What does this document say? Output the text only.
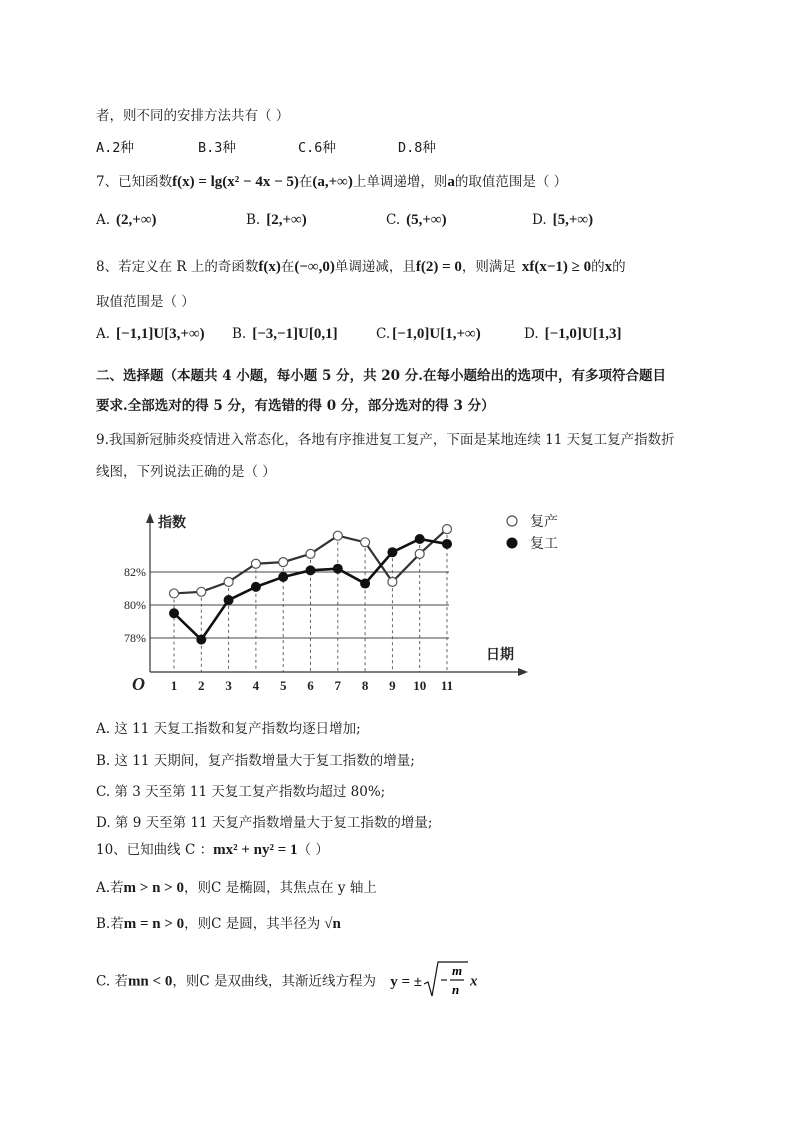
者，则不同的安排方法共有（ ）
A.2种	B.3种	C.6种	D.8种
7、已知函数f(x) = lg(x² − 4x − 5)在(a,+∞)上单调递增，则a的取值范围是（ ）
A. (2,+∞)	B. [2,+∞)	C. (5,+∞)	D. [5,+∞)
8、若定义在 R 上的奇函数f(x)在(−∞,0)单调递减，且f(2) = 0，则满足 xf(x−1) ≥ 0的x的
取值范围是（ ）
A. [−1,1]U[3,+∞) B. [−3,−1]U[0,1]	C. [−1,0]U[1,+∞)	D. [−1,0]U[1,3]
二、选择题（本题共 4 小题，每小题 5 分，共 20 分.在每小题给出的选项中，有多项符合题目
要求.全部选对的得 5 分，有选错的得 0 分，部分选对的得 3 分）
9.我国新冠肺炎疫情进入常态化，各地有序推进复工复产，下面是某地连续 11 天复工复产指数折
线图，下列说法正确的是（ ）
指数
日期
O 1 2 3 4 5 6 7 8 9 10 11
78%
80%
82%
复产
复工
A. 这 11 天复工指数和复产指数均逐日增加;
B. 这 11 天期间，复产指数增量大于复工指数的增量;
C. 第 3 天至第 11 天复工复产指数均超过 80%;
D. 第 9 天至第 11 天复产指数增量大于复工指数的增量;
10、已知曲线 C ：mx² + ny² = 1（ ）
A.若m > n > 0，则C 是椭圆，其焦点在 y 轴上
B.若m = n > 0，则C 是圆，其半径为 √n
C. 若mn < 0，则C 是双曲线，其渐近线方程为 y = ±
m
n x
